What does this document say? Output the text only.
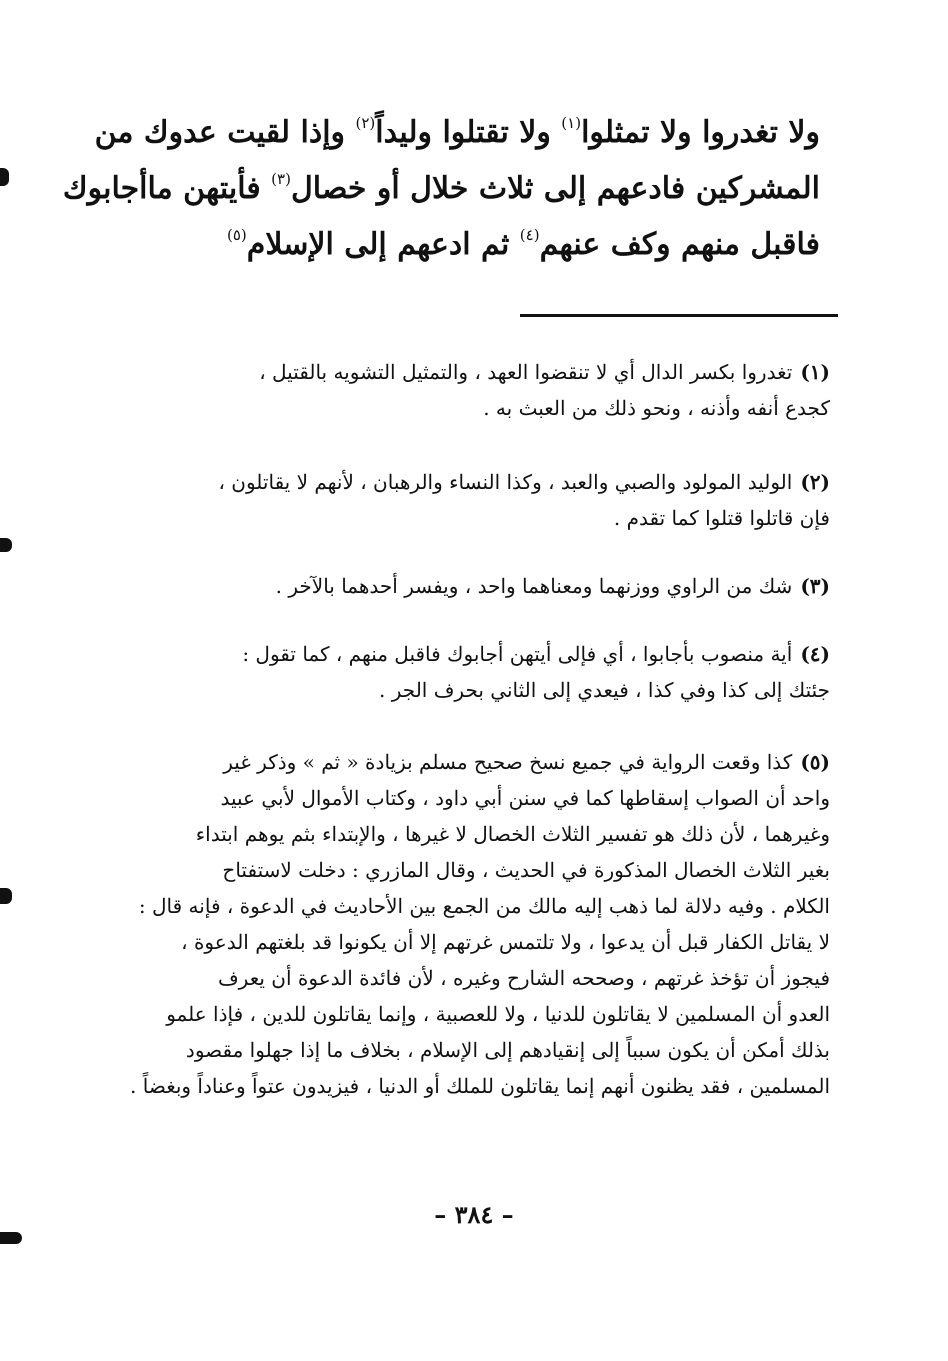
ولا تغدروا ولا تمثلوا$^{(١)}$ ولا تقتلوا وليداً$^{(٢)}$ وإذا لقيت عدوك من
المشركين فادعهم إلى ثلاث خلال أو خصال$^{(٣)}$ فأيتهن ماأجابوك
فاقبل منهم وكف عنهم$^{(٤)}$ ثم ادعهم إلى الإسلام$^{(٥)}$
(١)تغدروا بكسر الدال أي لا تنقضوا العهد ، والتمثيل التشويه بالقتيل ،
كجدع أنفه وأذنه ، ونحو ذلك من العبث به .
(٢)الوليد المولود والصبي والعبد ، وكذا النساء والرهبان ، لأنهم لا يقاتلون ،
فإن قاتلوا قتلوا كما تقدم .
(٣)شك من الراوي ووزنهما ومعناهما واحد ، ويفسر أحدهما بالآخر .
(٤)أية منصوب بأجابوا ، أي فإلى أيتهن أجابوك فاقبل منهم ، كما تقول :
جئتك إلى كذا وفي كذا ، فيعدي إلى الثاني بحرف الجر .
(٥)كذا وقعت الرواية في جميع نسخ صحيح مسلم بزيادة « ثم » وذكر غير
واحد أن الصواب إسقاطها كما في سنن أبي داود ، وكتاب الأموال لأبي عبيد
وغيرهما ، لأن ذلك هو تفسير الثلاث الخصال لا غيرها ، والإبتداء بثم يوهم ابتداء
بغير الثلاث الخصال المذكورة في الحديث ، وقال المازري : دخلت لاستفتاح
الكلام . وفيه دلالة لما ذهب إليه مالك من الجمع بين الأحاديث في الدعوة ، فإنه قال :
لا يقاتل الكفار قبل أن يدعوا ، ولا تلتمس غرتهم إلا أن يكونوا قد بلغتهم الدعوة ،
فيجوز أن تؤخذ غرتهم ، وصححه الشارح وغيره ، لأن فائدة الدعوة أن يعرف
العدو أن المسلمين لا يقاتلون للدنيا ، ولا للعصبية ، وإنما يقاتلون للدين ، فإذا علمو
بذلك أمكن أن يكون سبباً إلى إنقيادهم إلى الإسلام ، بخلاف ما إذا جهلوا مقصود
المسلمين ، فقد يظنون أنهم إنما يقاتلون للملك أو الدنيا ، فيزيدون عتواً وعناداً وبغضاً .
– ٣٨٤ –
